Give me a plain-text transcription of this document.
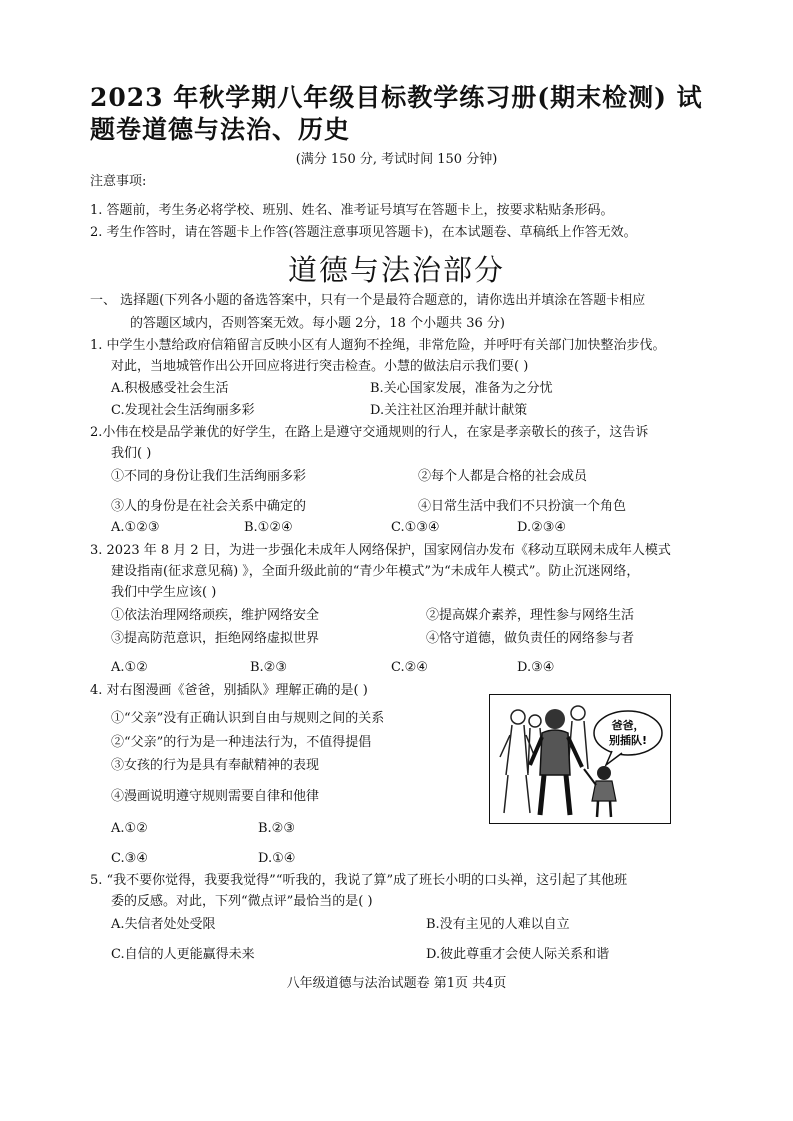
2023 年秋学期八年级目标教学练习册(期末检测) 试
题卷道德与法治、历史
(满分 150 分, 考试时间 150 分钟)
注意事项:
1. 答题前，考生务必将学校、班别、姓名、准考证号填写在答题卡上，按要求粘贴条形码。
2. 考生作答时，请在答题卡上作答(答题注意事项见答题卡)，在本试题卷、草稿纸上作答无效。
道德与法治部分
一、 选择题(下列各小题的备选答案中，只有一个是最符合题意的，请你选出并填涂在答题卡相应
的答题区域内，否则答案无效。每小题 2分，18 个小题共 36 分)
1. 中学生小慧给政府信箱留言反映小区有人遛狗不拴绳，非常危险，并呼吁有关部门加快整治步伐。
对此，当地城管作出公开回应将进行突击检查。小慧的做法启示我们要( )
A.积极感受社会生活	B.关心国家发展，准备为之分忧
C.发现社会生活绚丽多彩	D.关注社区治理并献计献策
2.小伟在校是品学兼优的好学生，在路上是遵守交通规则的行人，在家是孝亲敬长的孩子，这告诉
我们( )
①不同的身份让我们生活绚丽多彩	②每个人都是合格的社会成员
③人的身份是在社会关系中确定的	④日常生活中我们不只扮演一个角色
A.①②③	B.①②④	C.①③④	D.②③④
3. 2023 年 8 月 2 日，为进一步强化未成年人网络保护，国家网信办发布《移动互联网未成年人模式
建设指南(征求意见稿) 》，全面升级此前的“青少年模式”为“未成年人模式”。防止沉迷网络，
我们中学生应该( )
①依法治理网络顽疾，维护网络安全	②提高媒介素养，理性参与网络生活
③提高防范意识，拒绝网络虚拟世界	④恪守道德，做负责任的网络参与者
A.①②	B.②③	C.②④	D.③④
4. 对右图漫画《爸爸，别插队》理解正确的是( )
①“父亲”没有正确认识到自由与规则之间的关系
②“父亲”的行为是一种违法行为，不值得提倡
③女孩的行为是具有奉献精神的表现
④漫画说明遵守规则需要自律和他律
A.①②	B.②③
C.③④	D.①④
爸爸，
别插队!
5. “我不要你觉得，我要我觉得”“听我的，我说了算”成了班长小明的口头禅，这引起了其他班
委的反感。对此，下列“微点评”最恰当的是( )
A.失信者处处受限	B.没有主见的人难以自立
C.自信的人更能赢得未来	D.彼此尊重才会使人际关系和谐
八年级道德与法治试题卷 第1页 共4页
